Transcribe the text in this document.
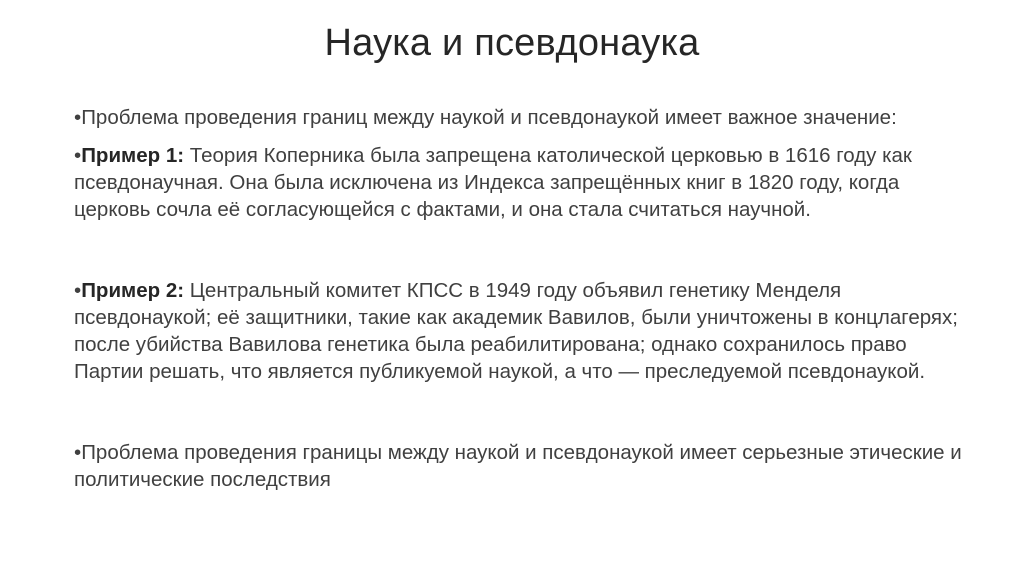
Наука и псевдонаука

•Проблема проведения границ между наукой и псевдонаукой имеет важное значение:

•Пример 1: Теория Коперника была запрещена католической церковью в 1616 году как псевдонаучная. Она была исключена из Индекса запрещённых книг в 1820 году, когда церковь сочла её согласующейся с фактами, и она стала считаться научной.

•Пример 2: Центральный комитет КПСС в 1949 году объявил генетику Менделя псевдонаукой; её защитники, такие как академик Вавилов, были уничтожены в концлагерях; после убийства Вавилова генетика была реабилитирована; однако сохранилось право Партии решать, что является публикуемой наукой, а что — преследуемой псевдонаукой.

•Проблема проведения границы между наукой и псевдонаукой имеет серьезные этические и политические последствия
